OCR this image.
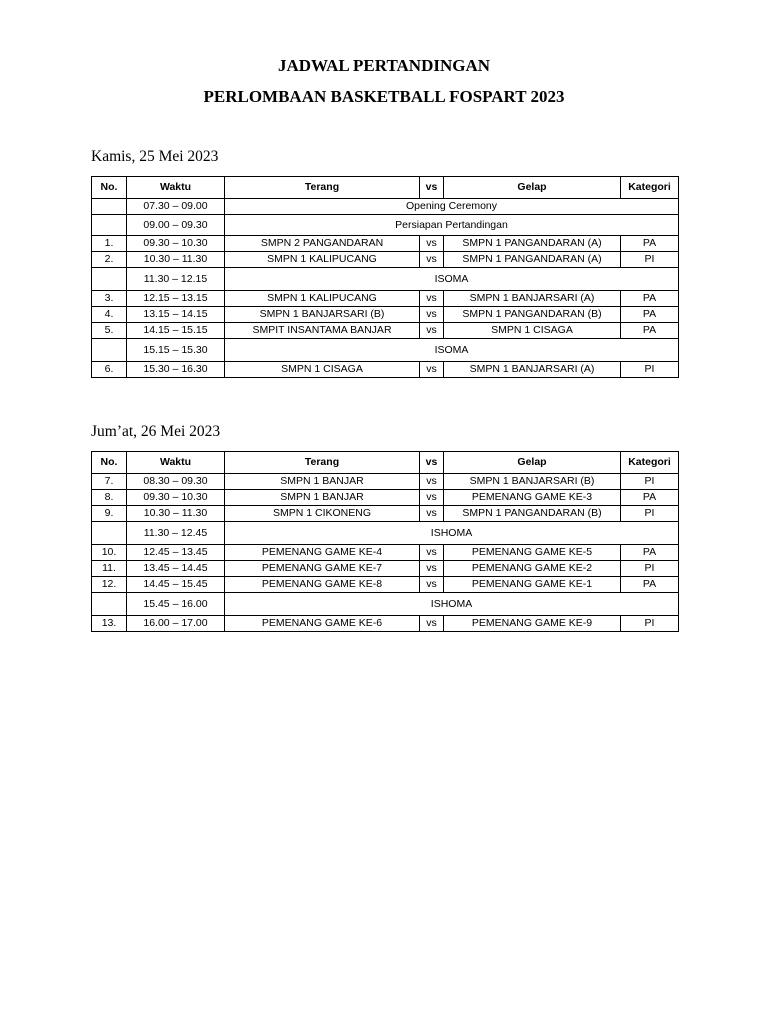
JADWAL PERTANDINGAN
PERLOMBAAN BASKETBALL FOSPART 2023
Kamis, 25 Mei 2023
No.	Waktu	Terang	vs	Gelap	Kategori
	07.30 – 09.00	Opening Ceremony			
	09.00 – 09.30	Persiapan Pertandingan			
1.	09.30 – 10.30	SMPN 2 PANGANDARAN	vs	SMPN 1 PANGANDARAN (A)	PA
2.	10.30 – 11.30	SMPN 1 KALIPUCANG	vs	SMPN 1 PANGANDARAN (A)	PI
	11.30 – 12.15	ISOMA			
3.	12.15 – 13.15	SMPN 1 KALIPUCANG	vs	SMPN 1 BANJARSARI (A)	PA
4.	13.15 – 14.15	SMPN 1 BANJARSARI (B)	vs	SMPN 1 PANGANDARAN (B)	PA
5.	14.15 – 15.15	SMPIT INSANTAMA BANJAR	vs	SMPN 1 CISAGA	PA
	15.15 – 15.30	ISOMA			
6.	15.30 – 16.30	SMPN 1 CISAGA	vs	SMPN 1 BANJARSARI (A)	PI
Jum’at, 26 Mei 2023
No.	Waktu	Terang	vs	Gelap	Kategori
7.	08.30 – 09.30	SMPN 1 BANJAR	vs	SMPN 1 BANJARSARI (B)	PI
8.	09.30 – 10.30	SMPN 1 BANJAR	vs	PEMENANG GAME KE-3	PA
9.	10.30 – 11.30	SMPN 1 CIKONENG	vs	SMPN 1 PANGANDARAN (B)	PI
	11.30 – 12.45	ISHOMA			
10.	12.45 – 13.45	PEMENANG GAME KE-4	vs	PEMENANG GAME KE-5	PA
11.	13.45 – 14.45	PEMENANG GAME KE-7	vs	PEMENANG GAME KE-2	PI
12.	14.45 – 15.45	PEMENANG GAME KE-8	vs	PEMENANG GAME KE-1	PA
	15.45 – 16.00	ISHOMA			
13.	16.00 – 17.00	PEMENANG GAME KE-6	vs	PEMENANG GAME KE-9	PI
